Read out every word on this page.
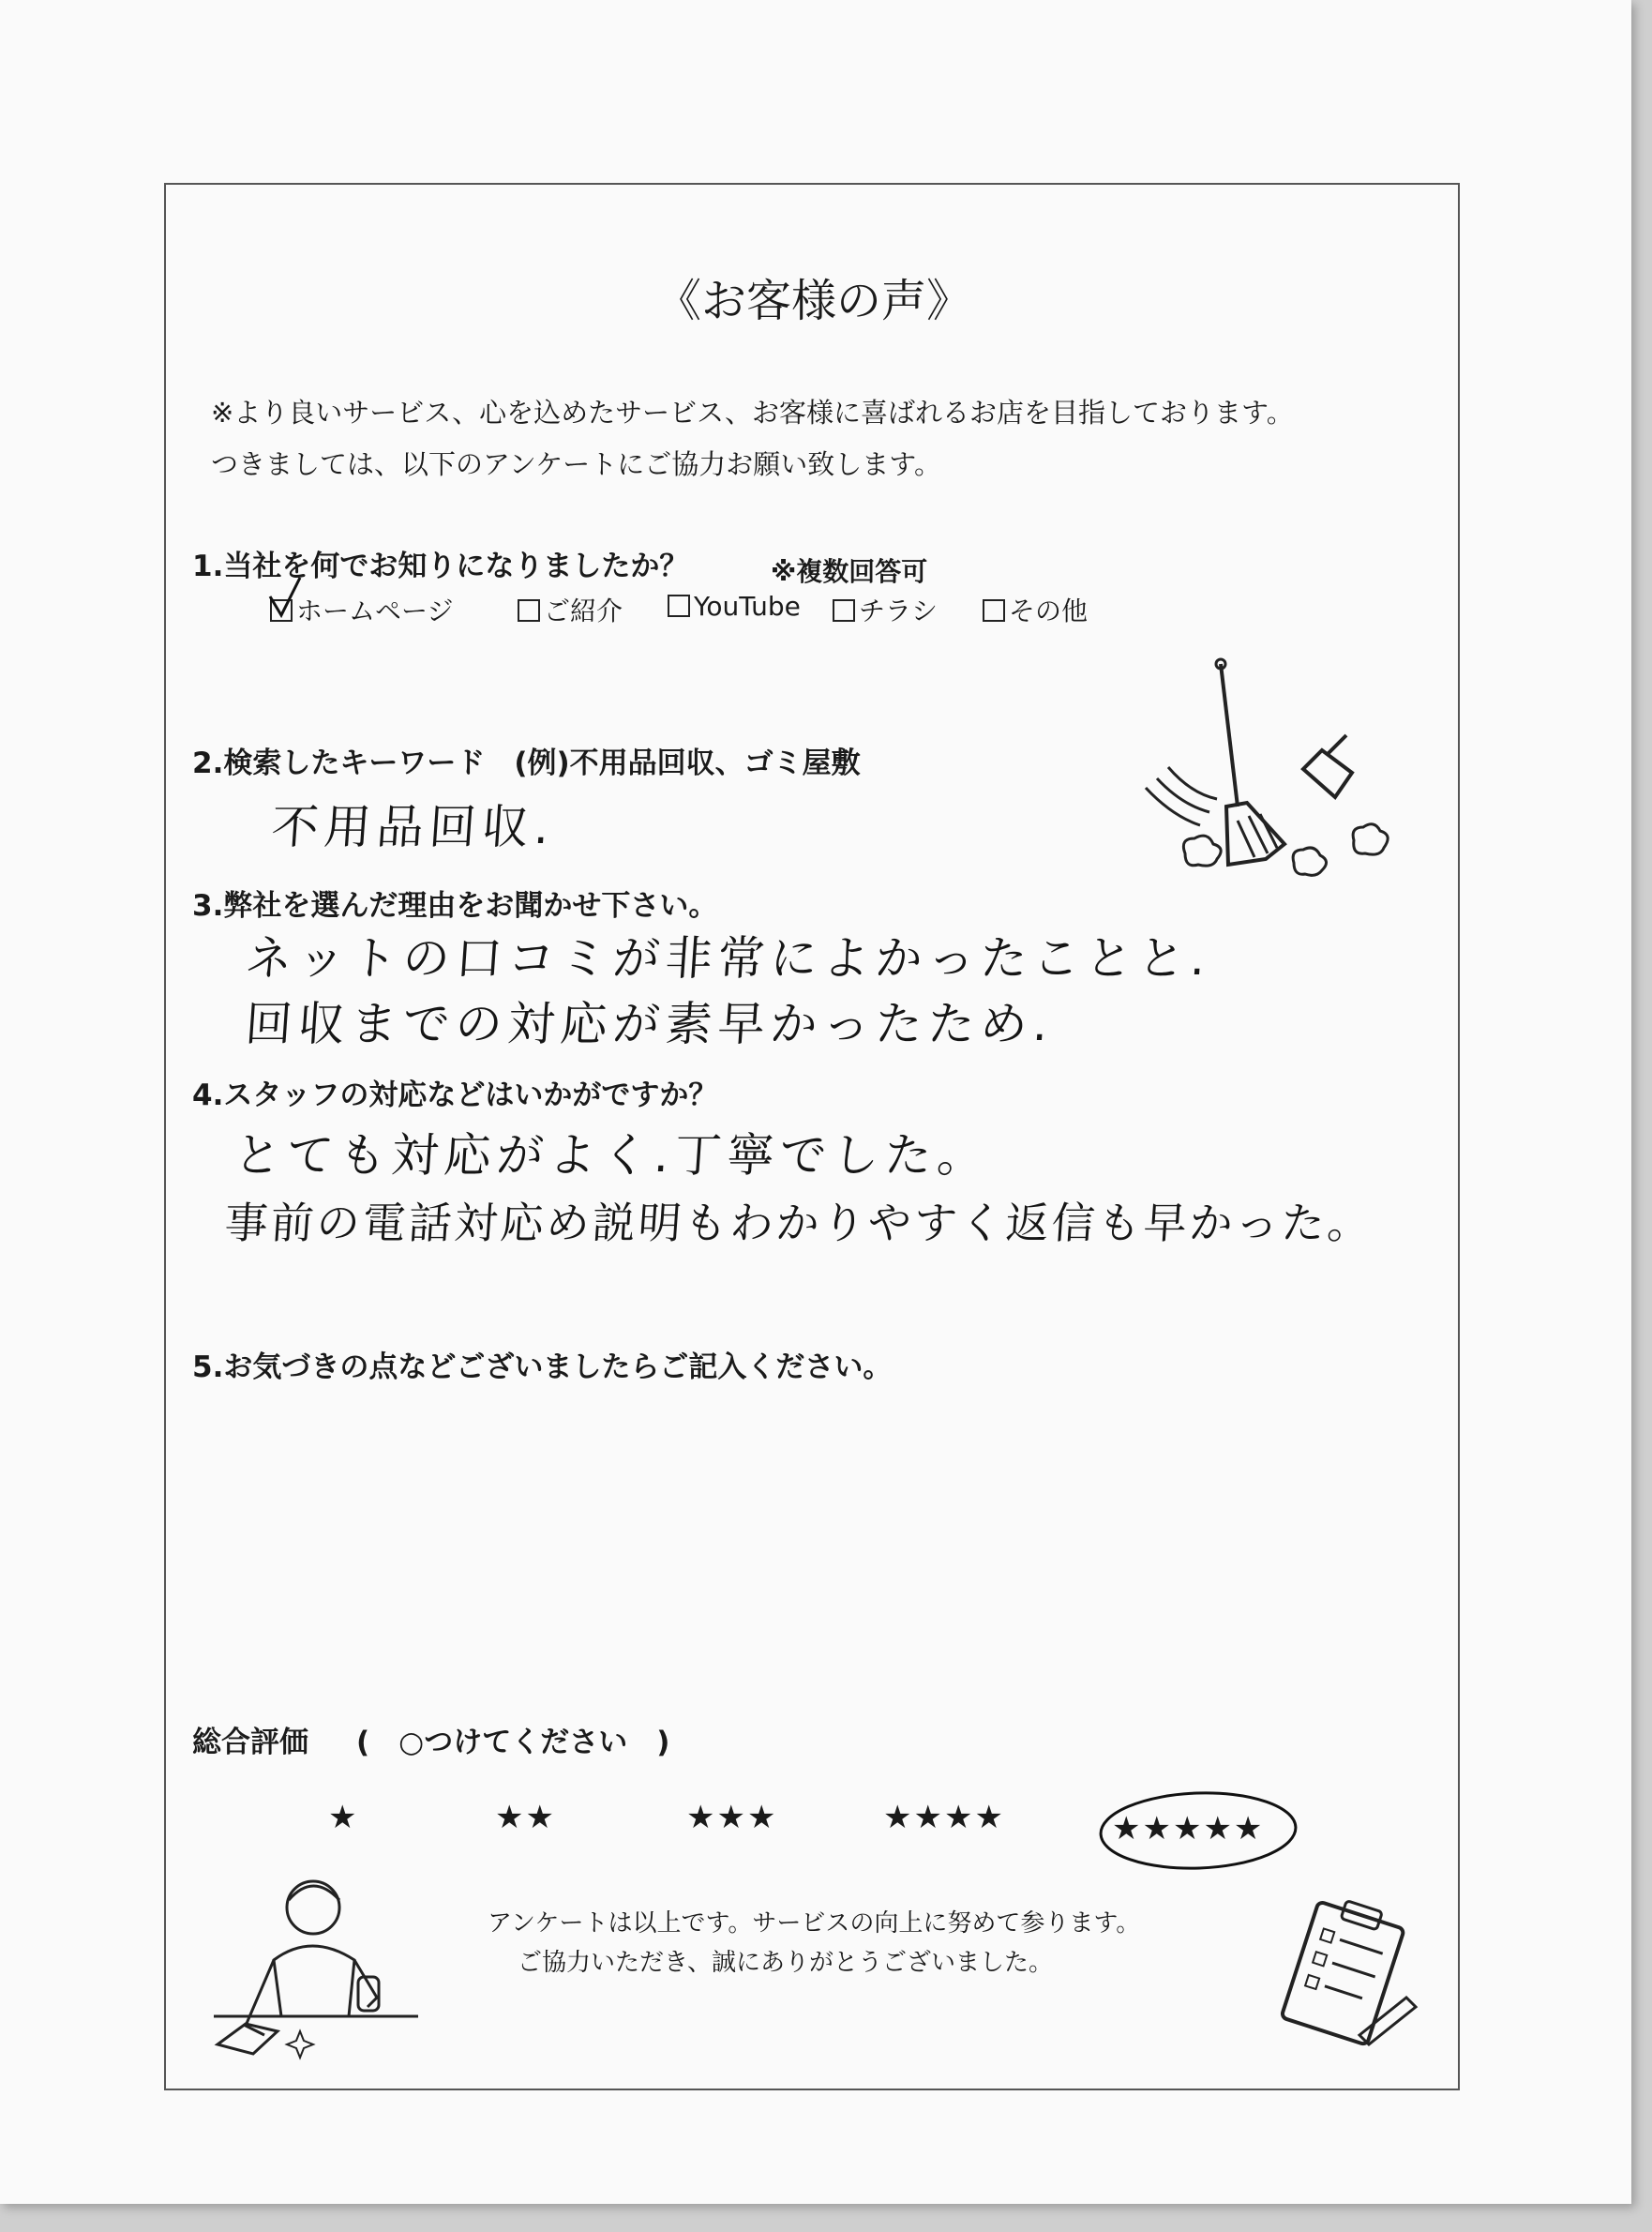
《お客様の声》
※より良いサービス、心を込めたサービス、お客様に喜ばれるお店を目指しております。
つきましては、以下のアンケートにご協力お願い致します。
1.当社を何でお知りになりましたか？	※複数回答可
ホームページ	ご紹介	YouTube	チラシ	その他
2.検索したキーワード　(例)不用品回収、ゴミ屋敷
不用品回収.
3.弊社を選んだ理由をお聞かせ下さい。
ネットの口コミが非常によかったことと.
回収までの対応が素早かったため.
4.スタッフの対応などはいかがですか？
とても対応がよく.丁寧でした。
事前の電話対応め説明もわかりやすく返信も早かった。
5.お気づきの点などございましたらご記入ください。
総合評価 (　○つけてください　)
★	★★	★★★	★★★★	★★★★★
アンケートは以上です。サービスの向上に努めて参ります。
ご協力いただき、誠にありがとうございました。
